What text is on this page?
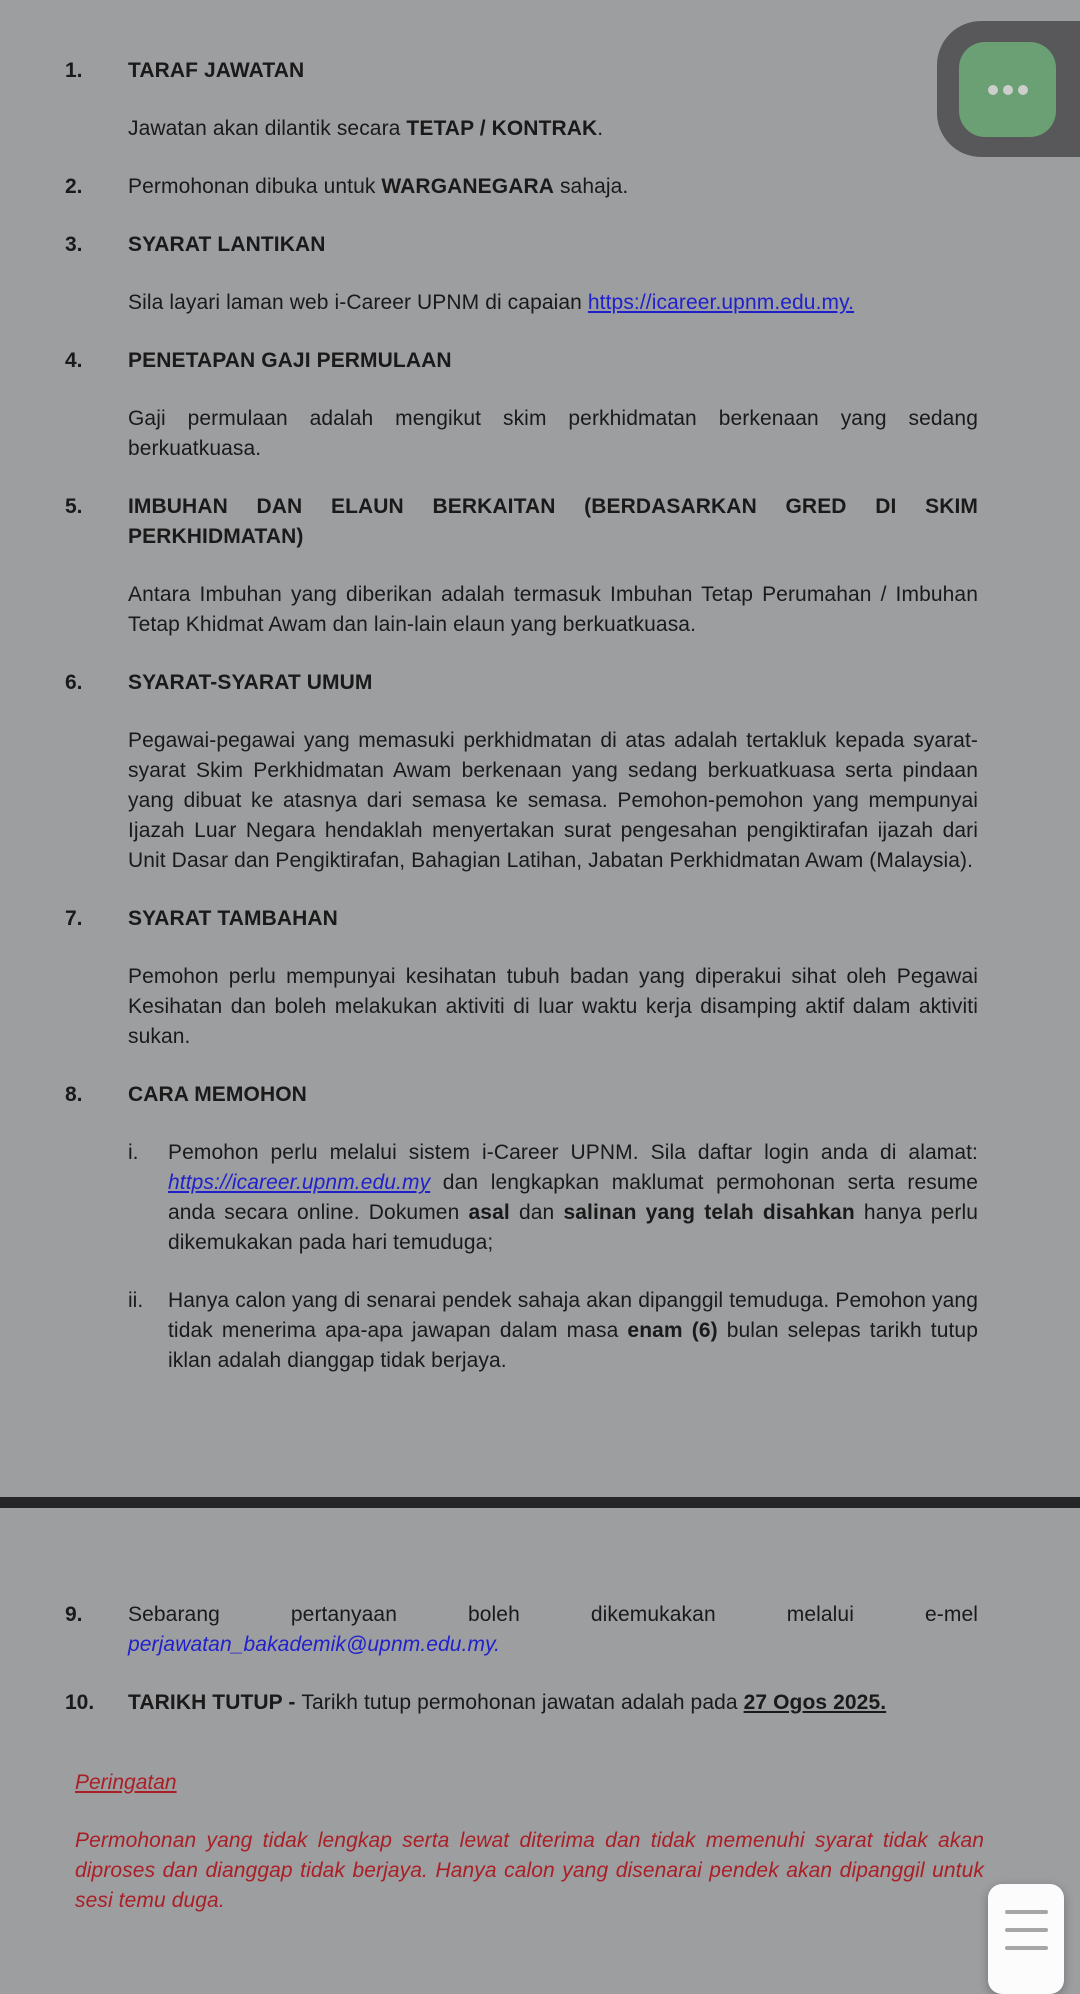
1.	TARAF JAWATAN
Jawatan akan dilantik secara TETAP / KONTRAK.
2.	Permohonan dibuka untuk WARGANEGARA sahaja.
3.	SYARAT LANTIKAN
Sila layari laman web i-Career UPNM di capaian https://icareer.upnm.edu.my.
4.	PENETAPAN GAJI PERMULAAN
Gaji permulaan adalah mengikut skim perkhidmatan berkenaan yang sedang berkuatkuasa.
5.	IMBUHAN DAN ELAUN BERKAITAN (BERDASARKAN GRED DI SKIM PERKHIDMATAN)
Antara Imbuhan yang diberikan adalah termasuk Imbuhan Tetap Perumahan / Imbuhan Tetap Khidmat Awam dan lain-lain elaun yang berkuatkuasa.
6.	SYARAT-SYARAT UMUM
Pegawai-pegawai yang memasuki perkhidmatan di atas adalah tertakluk kepada syarat-syarat Skim Perkhidmatan Awam berkenaan yang sedang berkuatkuasa serta pindaan yang dibuat ke atasnya dari semasa ke semasa. Pemohon-pemohon yang mempunyai Ijazah Luar Negara hendaklah menyertakan surat pengesahan pengiktirafan ijazah dari Unit Dasar dan Pengiktirafan, Bahagian Latihan, Jabatan Perkhidmatan Awam (Malaysia).
7.	SYARAT TAMBAHAN
Pemohon perlu mempunyai kesihatan tubuh badan yang diperakui sihat oleh Pegawai Kesihatan dan boleh melakukan aktiviti di luar waktu kerja disamping aktif dalam aktiviti sukan.
8.	CARA MEMOHON
i.	Pemohon perlu melalui sistem i-Career UPNM. Sila daftar login anda di alamat: https://icareer.upnm.edu.my dan lengkapkan maklumat permohonan serta resume anda secara online. Dokumen asal dan salinan yang telah disahkan hanya perlu dikemukakan pada hari temuduga;
ii.	Hanya calon yang di senarai pendek sahaja akan dipanggil temuduga. Pemohon yang tidak menerima apa-apa jawapan dalam masa enam (6) bulan selepas tarikh tutup iklan adalah dianggap tidak berjaya.
9.	Sebarang pertanyaan boleh dikemukakan melalui e-mel
perjawatan_bakademik@upnm.edu.my.
10.	TARIKH TUTUP - Tarikh tutup permohonan jawatan adalah pada 27 Ogos 2025.
Peringatan
Permohonan yang tidak lengkap serta lewat diterima dan tidak memenuhi syarat tidak akan diproses dan dianggap tidak berjaya. Hanya calon yang disenarai pendek akan dipanggil untuk sesi temu duga.
